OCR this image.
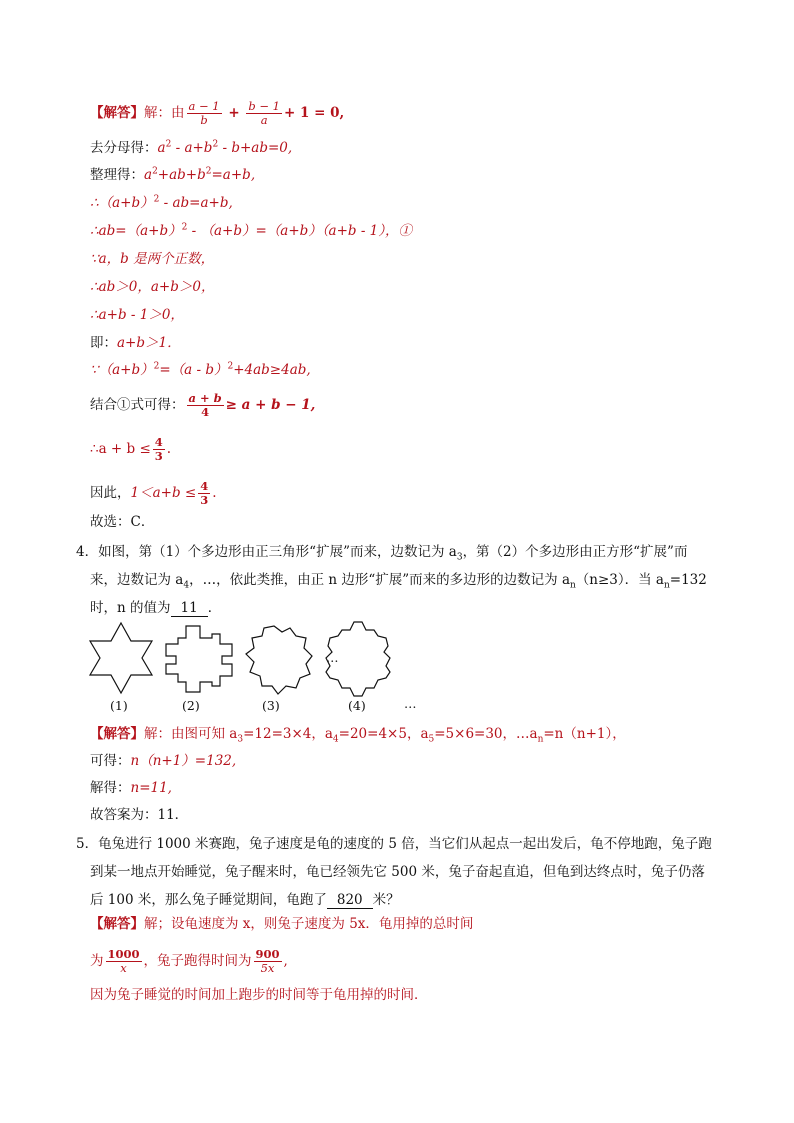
【解答】解：由 $\frac{a - 1}{b} + \frac{b - 1}{a} + 1 = 0$,
去分母得：$a^2 - a+b^2 - b+ab=0$,
整理得：$a^2+ab+b^2=a+b$,
$\therefore(a+b)^2 - ab=a+b$,
$\therefore ab=(a+b)^2 - (a+b)=(a+b)(a+b - 1)$，①
∵a，b 是两个正数，
∴ab＞0，a+b＞0，
∴a+b - 1＞0，
即：a+b＞1．
$\because(a+b)^2=(a - b)^2+4ab\ge 4ab$,
结合①式可得： $\frac{a + b}{4} \ge a + b - 1$,
∴a + $b \le \frac{4}{3}$ .
因此，$1<a+b \le \frac{4}{3}$ .
故选：C．
4．如图，第（1）个多边形由正三角形“扩展”而来，边数记为 $a_3$，第（2）个多边形由正方形“扩展”而
来，边数记为 $a_4$，…，依此类推，由正 n 边形“扩展”而来的多边形的边数记为 $a_n(n\ge 3)$．当 $a_n=132$
时，n 的值为 11 ．
…
(1)	(2)	(3)	(4)	…
【解答】解：由图可知 $a_3=12=3\times 4$，$a_4=20=4\times 5$，$a_5=5\times 6=30$，$\dots a_n=n(n+1)$，
可得：n（n+1）=132,
解得：n=11,
故答案为：11．
5．龟兔进行 1000 米赛跑，兔子速度是龟的速度的 5 倍，当它们从起点一起出发后，龟不停地跑，兔子跑
到某一地点开始睡觉，兔子醒来时，龟已经领先它 500 米，兔子奋起直追，但龟到达终点时，兔子仍落
后 100 米，那么兔子睡觉期间，龟跑了 820 米？
【解答】解；设龟速度为 x，则兔子速度为 5x．龟用掉的总时间
为 $\frac{1000}{x}$ ，兔子跑得时间为 $\frac{900}{5x}$ ,
因为兔子睡觉的时间加上跑步的时间等于龟用掉的时间．
